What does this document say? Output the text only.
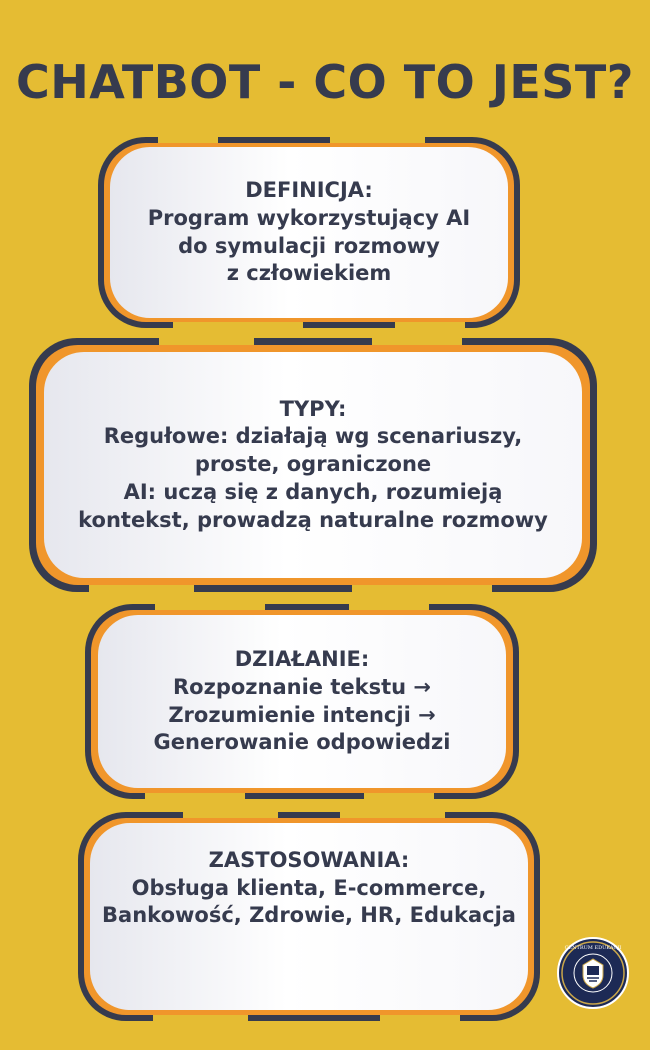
CHATBOT - CO TO JEST?
DEFINICJA:
Program wykorzystujący AI
do symulacji rozmowy
z człowiekiem
TYPY:
Regułowe: działają wg scenariuszy,
proste, ograniczone
AI: uczą się z danych, rozumieją
kontekst, prowadzą naturalne rozmowy
DZIAŁANIE:
Rozpoznanie tekstu →
Zrozumienie intencji →
Generowanie odpowiedzi
ZASTOSOWANIA:
Obsługa klienta, E-commerce,
Bankowość, Zdrowie, HR, Edukacja
CENTRUM EDUKACJI
